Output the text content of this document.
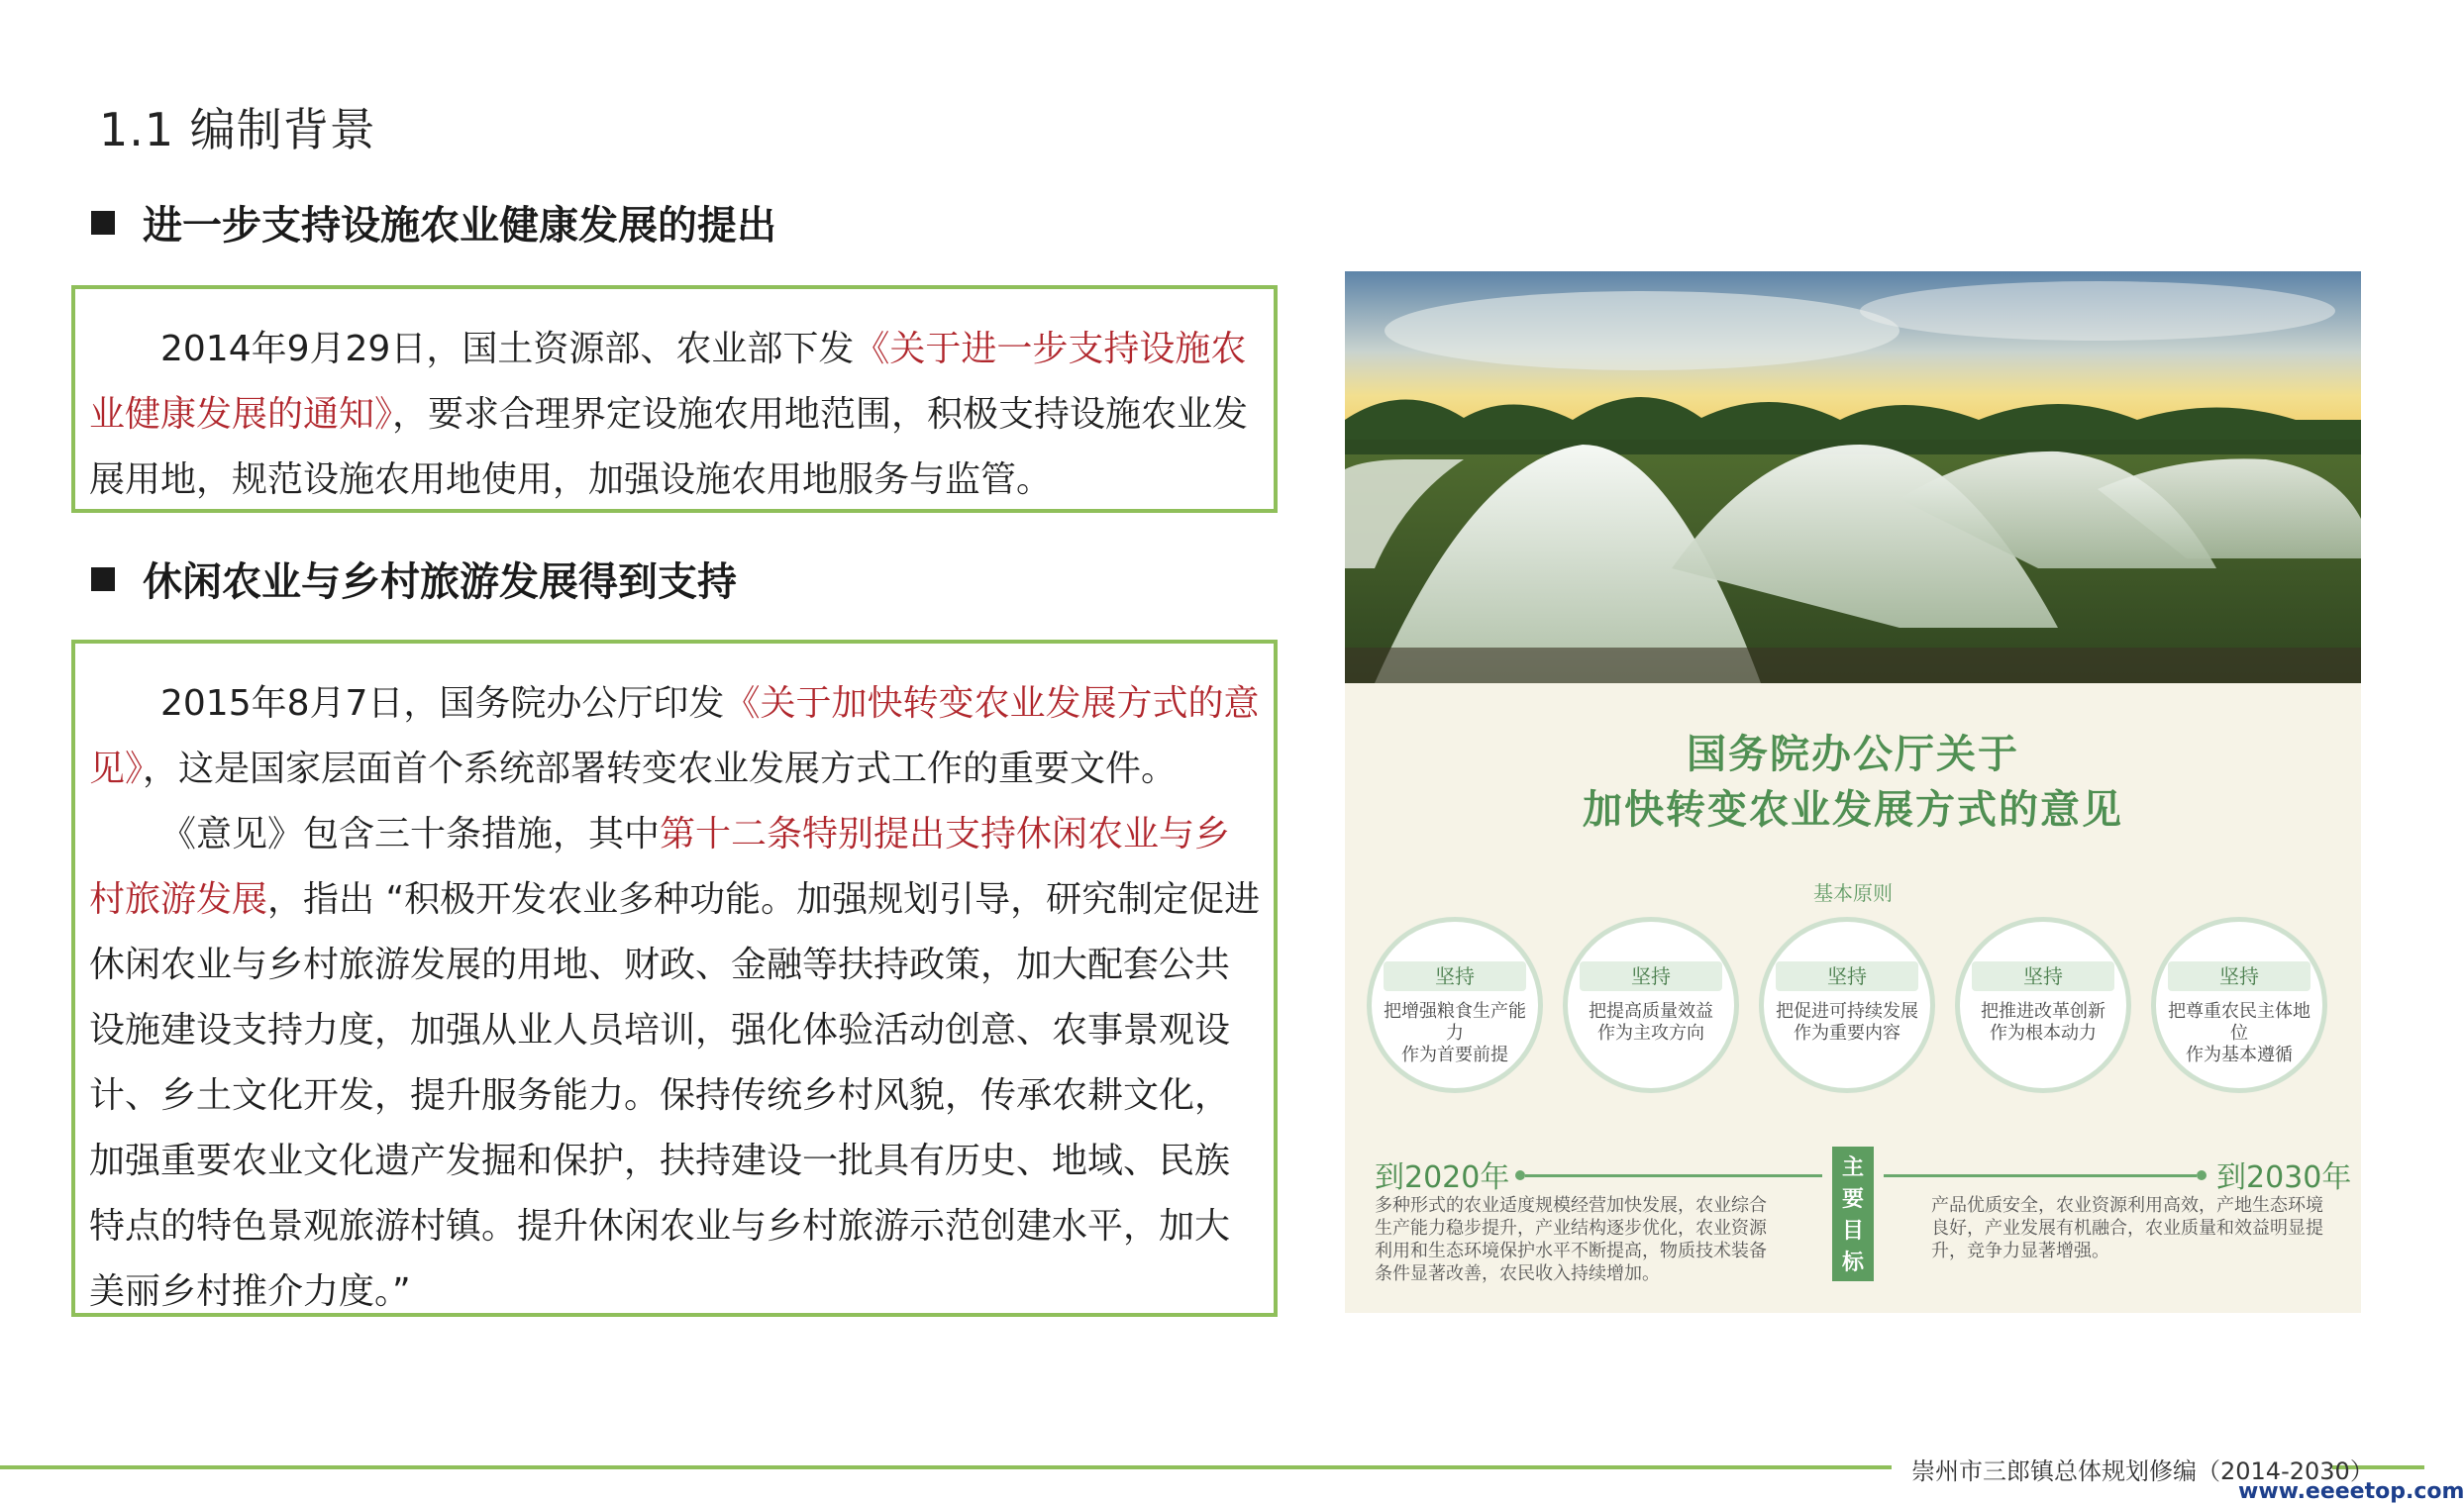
1.1 编制背景
进一步支持设施农业健康发展的提出

2014年9月29日，国土资源部、农业部下发《关于进一步支持设施农业健康发展的通知》，要求合理界定设施农用地范围，积极支持设施农业发展用地，规范设施农用地使用，加强设施农用地服务与监管。

休闲农业与乡村旅游发展得到支持

2015年8月7日，国务院办公厅印发《关于加快转变农业发展方式的意见》，这是国家层面首个系统部署转变农业发展方式工作的重要文件。

《意见》包含三十条措施，其中第十二条特别提出支持休闲农业与乡村旅游发展，指出 “积极开发农业多种功能。加强规划引导，研究制定促进休闲农业与乡村旅游发展的用地、财政、金融等扶持政策，加大配套公共设施建设支持力度，加强从业人员培训，强化体验活动创意、农事景观设计、乡土文化开发，提升服务能力。保持传统乡村风貌，传承农耕文化，加强重要农业文化遗产发掘和保护，扶持建设一批具有历史、地域、民族特点的特色景观旅游村镇。提升休闲农业与乡村旅游示范创建水平，加大美丽乡村推介力度。”

国务院办公厅关于
加快转变农业发展方式的意见
基本原则
坚持
把增强粮食生产能力
作为首要前提
坚持
把提高质量效益
作为主攻方向
坚持
把促进可持续发展
作为重要内容
坚持
把推进改革创新
作为根本动力
坚持
把尊重农民主体地位
作为基本遵循
到2020年	主要目标
到2030年
多种形式的农业适度规模经营加快发展，农业综合
生产能力稳步提升，产业结构逐步优化，农业资源
利用和生态环境保护水平不断提高，物质技术装备
条件显著改善，农民收入持续增加。
产品优质安全，农业资源利用高效，产地生态环境
良好，产业发展有机融合，农业质量和效益明显提
升，竞争力显著增强。
崇州市三郎镇总体规划修编（2014-2030）
www.eeeetop.com
